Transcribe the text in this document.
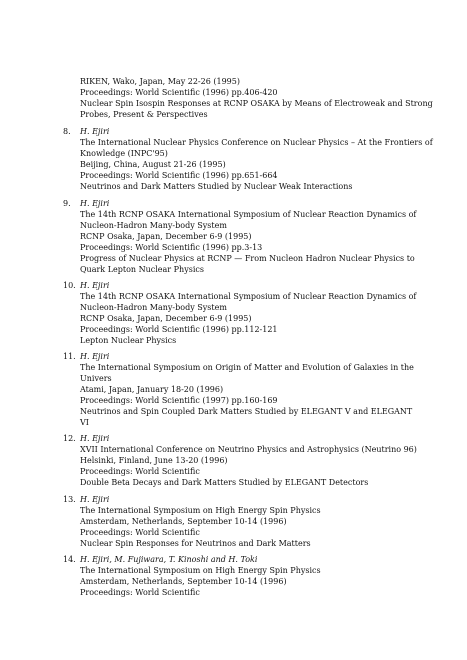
RIKEN, Wako, Japan, May 22-26 (1995)
Proceedings: World Scientific (1996) pp.406-420
Nuclear Spin Isospin Responses at RCNP OSAKA by Means of Electroweak and Strong
Probes, Present & Perspectives
8.	H. Ejiri
The International Nuclear Physics Conference on Nuclear Physics – At the Frontiers of
Knowledge (INPC'95)
Beijing, China, August 21-26 (1995)
Proceedings: World Scientific (1996) pp.651-664
Neutrinos and Dark Matters Studied by Nuclear Weak Interactions
9.	H. Ejiri
The 14th RCNP OSAKA International Symposium of Nuclear Reaction Dynamics of
Nucleon-Hadron Many-body System
RCNP Osaka, Japan, December 6-9 (1995)
Proceedings: World Scientific (1996) pp.3-13
Progress of Nuclear Physics at RCNP — From Nucleon Hadron Nuclear Physics to
Quark Lepton Nuclear Physics
10. H. Ejiri
The 14th RCNP OSAKA International Symposium of Nuclear Reaction Dynamics of
Nucleon-Hadron Many-body System
RCNP Osaka, Japan, December 6-9 (1995)
Proceedings: World Scientific (1996) pp.112-121
Lepton Nuclear Physics
11. H. Ejiri
The International Symposium on Origin of Matter and Evolution of Galaxies in the
Univers
Atami, Japan, January 18-20 (1996)
Proceedings: World Scientific (1997) pp.160-169
Neutrinos and Spin Coupled Dark Matters Studied by ELEGANT V and ELEGANT
VI
12. H. Ejiri
XVII International Conference on Neutrino Physics and Astrophysics (Neutrino 96)
Helsinki, Finland, June 13-20 (1996)
Proceedings: World Scientific
Double Beta Decays and Dark Matters Studied by ELEGANT Detectors
13. H. Ejiri
The International Symposium on High Energy Spin Physics
Amsterdam, Netherlands, September 10-14 (1996)
Proceedings: World Scientific
Nuclear Spin Responses for Neutrinos and Dark Matters
14. H. Ejiri, M. Fujiwara, T. Kinoshi and H. Toki
The International Symposium on High Energy Spin Physics
Amsterdam, Netherlands, September 10-14 (1996)
Proceedings: World Scientific
